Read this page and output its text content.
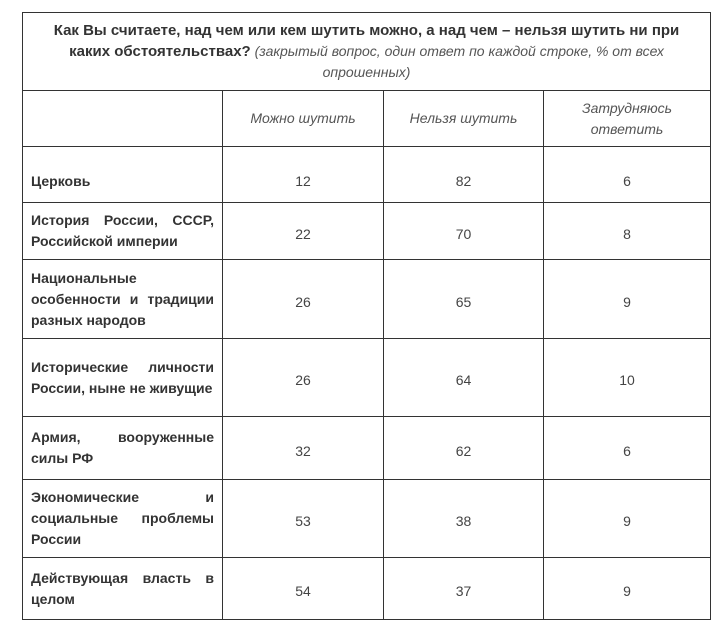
Как Вы считаете, над чем или кем шутить можно, а над чем – нельзя шутить ни при каких обстоятельствах? (закрытый вопрос, один ответ по каждой строке, % от всех опрошенных)			
	Можно шутить	Нельзя шутить	Затрудняюсь ответить
Церковь	12	82	6
История России, СССР, Российской империи	22	70	8
Национальные особенности и традиции разных народов	26	65	9
Исторические личности России, ныне не живущие	26	64	10
Армия, вооруженные силы РФ	32	62	6
Экономические и социальные проблемы России	53	38	9
Действующая власть в целом	54	37	9
